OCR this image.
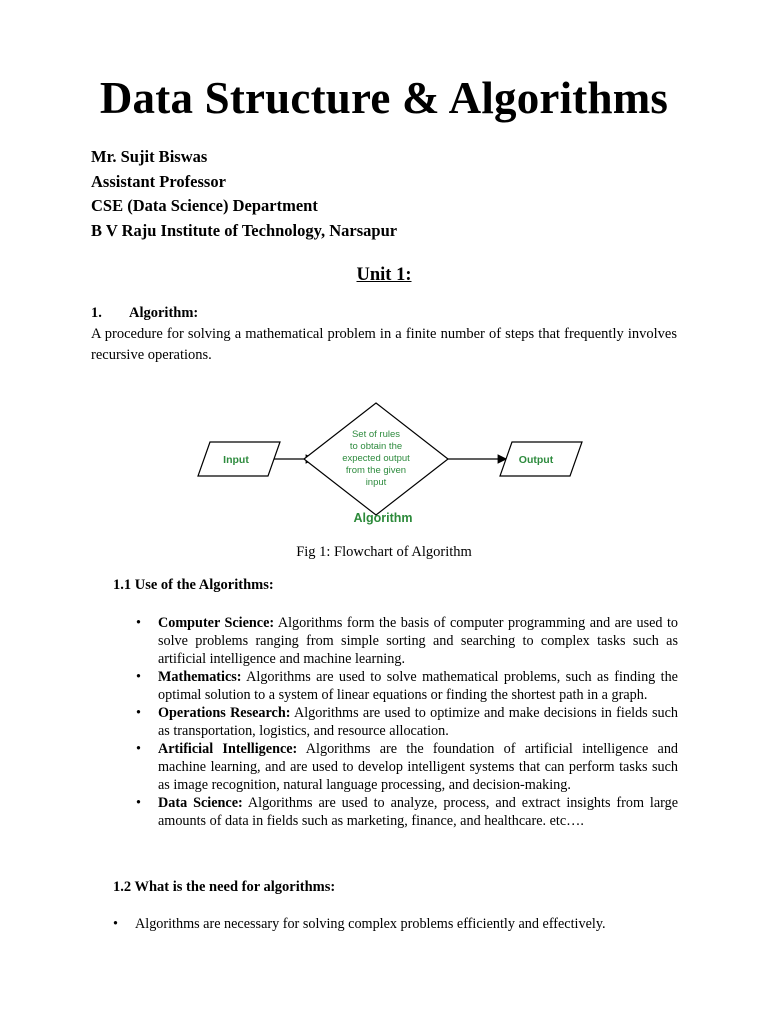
Data Structure & Algorithms
Mr. Sujit Biswas
Assistant Professor
CSE (Data Science) Department
B V Raju Institute of Technology, Narsapur
Unit 1:
1. Algorithm:

A procedure for solving a mathematical problem in a finite number of steps that frequently involves recursive operations.

Input
Set of rules
to obtain the
expected output
from the given
input
Output
Algorithm
Fig 1: Flowchart of Algorithm
1.1 Use of the Algorithms:
• Computer Science: Algorithms form the basis of computer programming and are used to solve problems ranging from simple sorting and searching to complex tasks such as artificial intelligence and machine learning.
• Mathematics: Algorithms are used to solve mathematical problems, such as finding the optimal solution to a system of linear equations or finding the shortest path in a graph.
• Operations Research: Algorithms are used to optimize and make decisions in fields such as transportation, logistics, and resource allocation.
• Artificial Intelligence: Algorithms are the foundation of artificial intelligence and machine learning, and are used to develop intelligent systems that can perform tasks such as image recognition, natural language processing, and decision-making.
• Data Science: Algorithms are used to analyze, process, and extract insights from large amounts of data in fields such as marketing, finance, and healthcare. etc….
1.2 What is the need for algorithms:
• Algorithms are necessary for solving complex problems efficiently and effectively.
